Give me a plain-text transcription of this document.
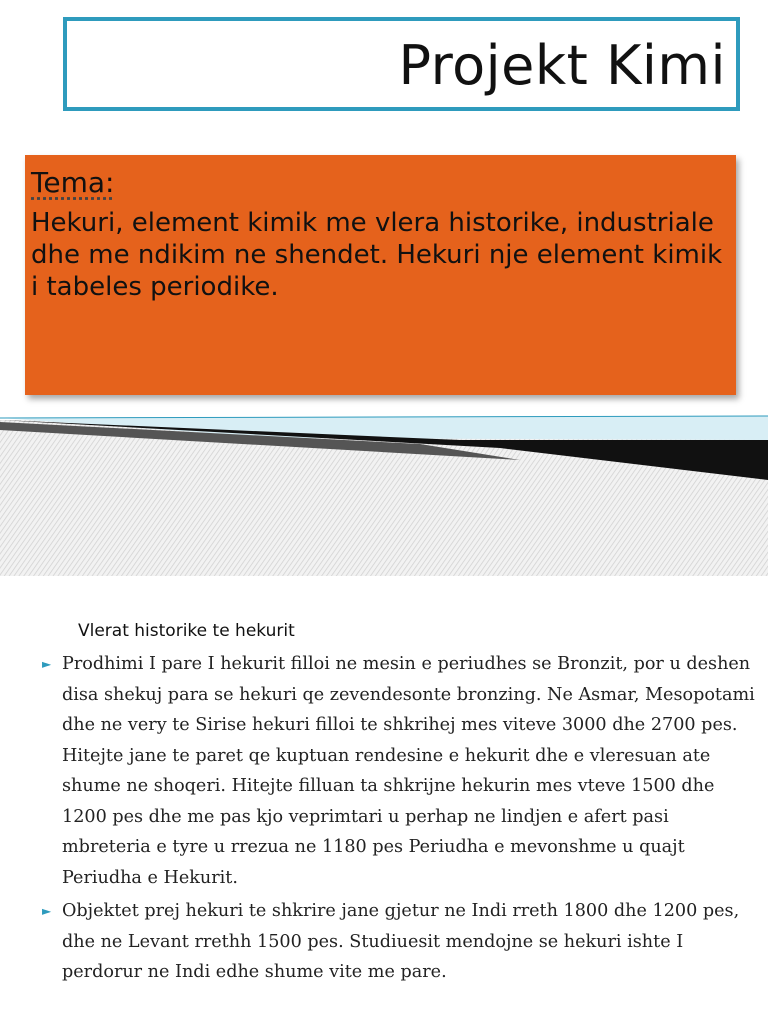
Projekt Kimi
Tema:
Hekuri, element kimik me vlera historike, industriale dhe me ndikim ne shendet. Hekuri nje element kimik i tabeles periodike.
Vlerat historike te hekurit
► Prodhimi I pare I hekurit filloi ne mesin e periudhes se Bronzit, por u deshen disa shekuj para se hekuri qe zevendesonte bronzing. Ne Asmar, Mesopotami dhe ne very te Sirise hekuri filloi te shkrihej mes viteve 3000 dhe 2700 pes. Hitejte jane te paret qe kuptuan rendesine e hekurit dhe e vleresuan ate shume ne shoqeri. Hitejte filluan ta shkrijne hekurin mes vteve 1500 dhe 1200 pes dhe me pas kjo veprimtari u perhap ne lindjen e afert pasi mbreteria e tyre u rrezua ne 1180 pes Periudha e mevonshme u quajt Periudha e Hekurit.
► Objektet prej hekuri te shkrire jane gjetur ne Indi rreth 1800 dhe 1200 pes, dhe ne Levant rrethh 1500 pes. Studiuesit mendojne se hekuri ishte I perdorur ne Indi edhe shume vite me pare.
